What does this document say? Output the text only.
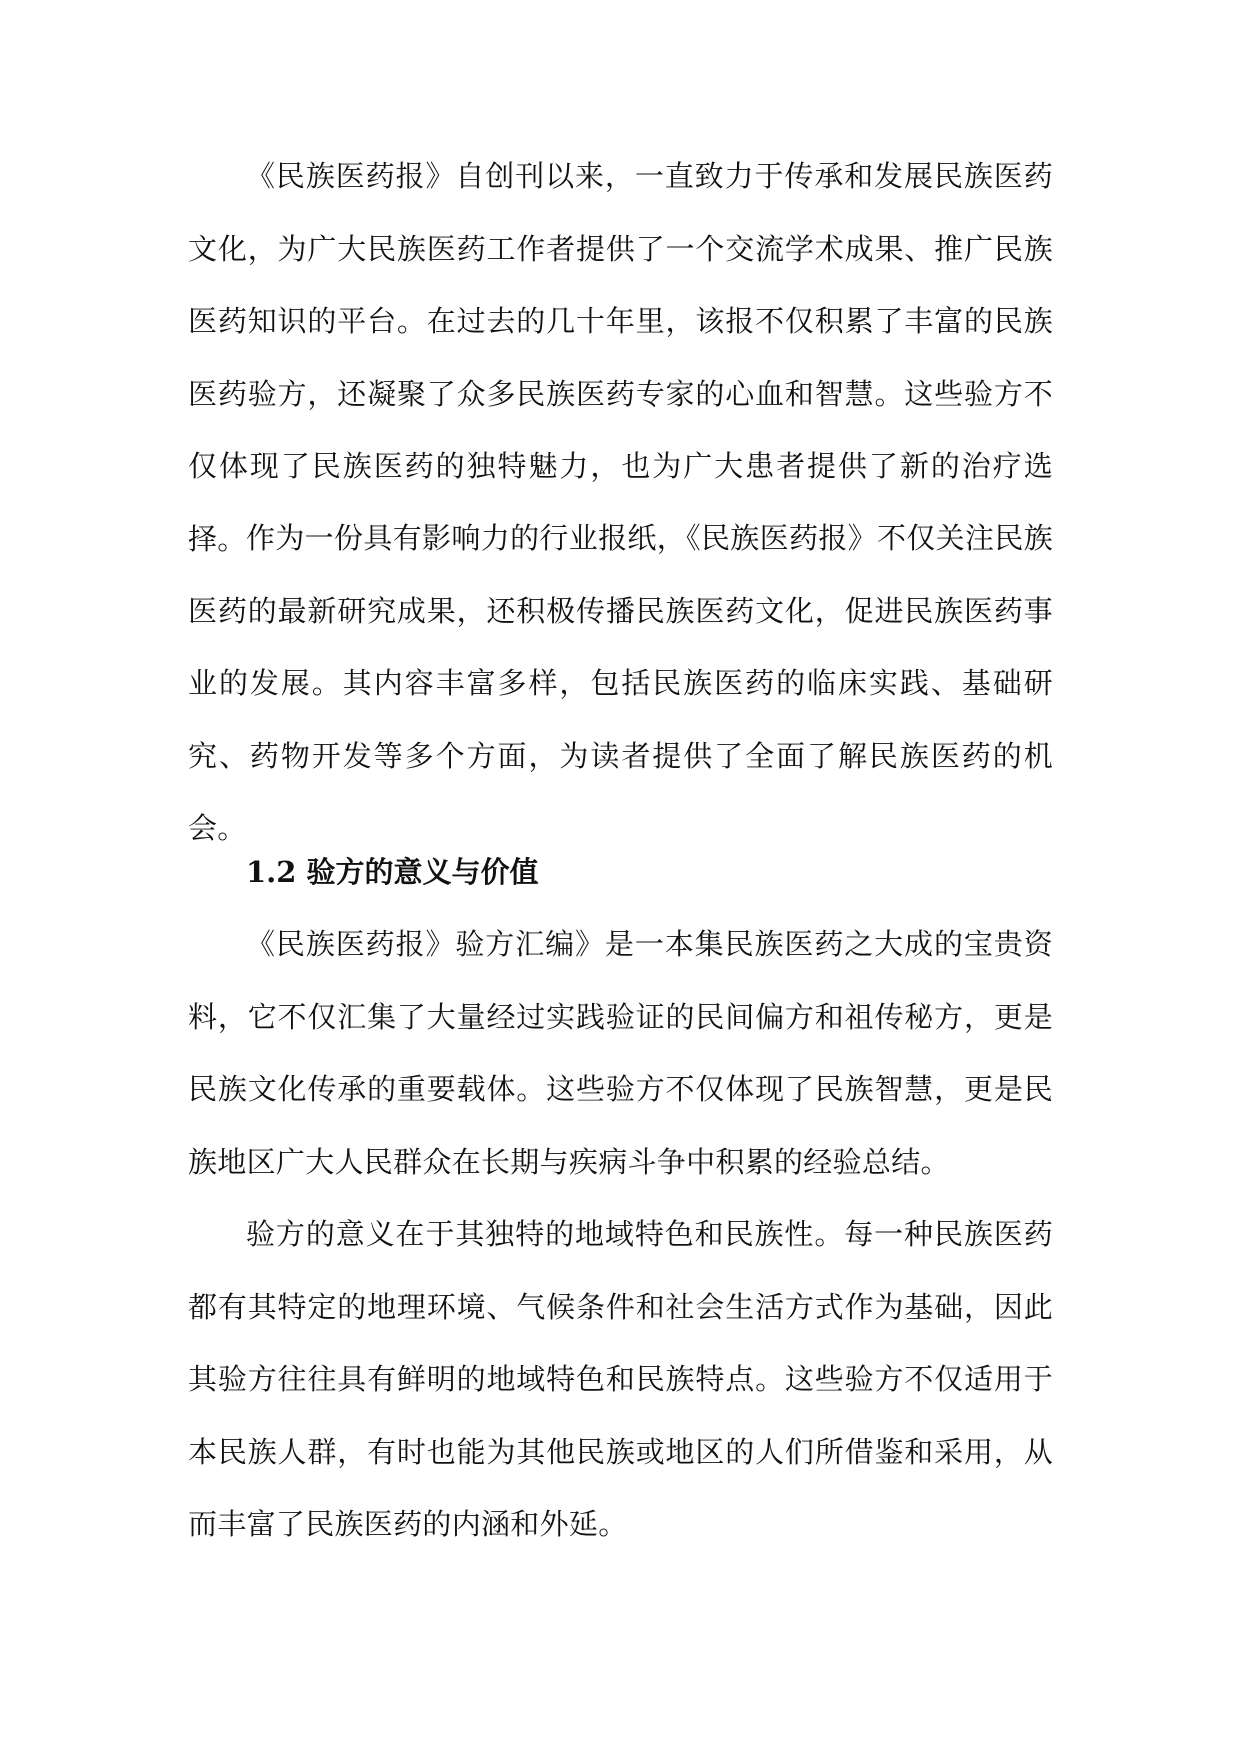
《民族医药报》自创刊以来，一直致力于传承和发展民族医药文化，为广大民族医药工作者提供了一个交流学术成果、推广民族医药知识的平台。在过去的几十年里，该报不仅积累了丰富的民族医药验方，还凝聚了众多民族医药专家的心血和智慧。这些验方不仅体现了民族医药的独特魅力，也为广大患者提供了新的治疗选择。 作为一份具有影响力的行业报纸，《民族医药报》不仅关注民族医药的最新研究成果，还积极传播民族医药文化，促进民族医药事业的发展。其内容丰富多样，包括民族医药的临床实践、基础研究、药物开发等多个方面，为读者提供了全面了解民族医药的机会。

1.2 验方的意义与价值

《民族医药报》验方汇编》是一本集民族医药之大成的宝贵资料，它不仅汇集了大量经过实践验证的民间偏方和祖传秘方，更是民族文化传承的重要载体。这些验方不仅体现了民族智慧，更是民族地区广大人民群众在长期与疾病斗争中积累的经验总结。

验方的意义在于其独特的地域特色和民族性。每一种民族医药都有其特定的地理环境、气候条件和社会生活方式作为基础，因此其验方往往具有鲜明的地域特色和民族特点。这些验方不仅适用于本民族人群，有时也能为其他民族或地区的人们所借鉴和采用，从而丰富了民族医药的内涵和外延。
